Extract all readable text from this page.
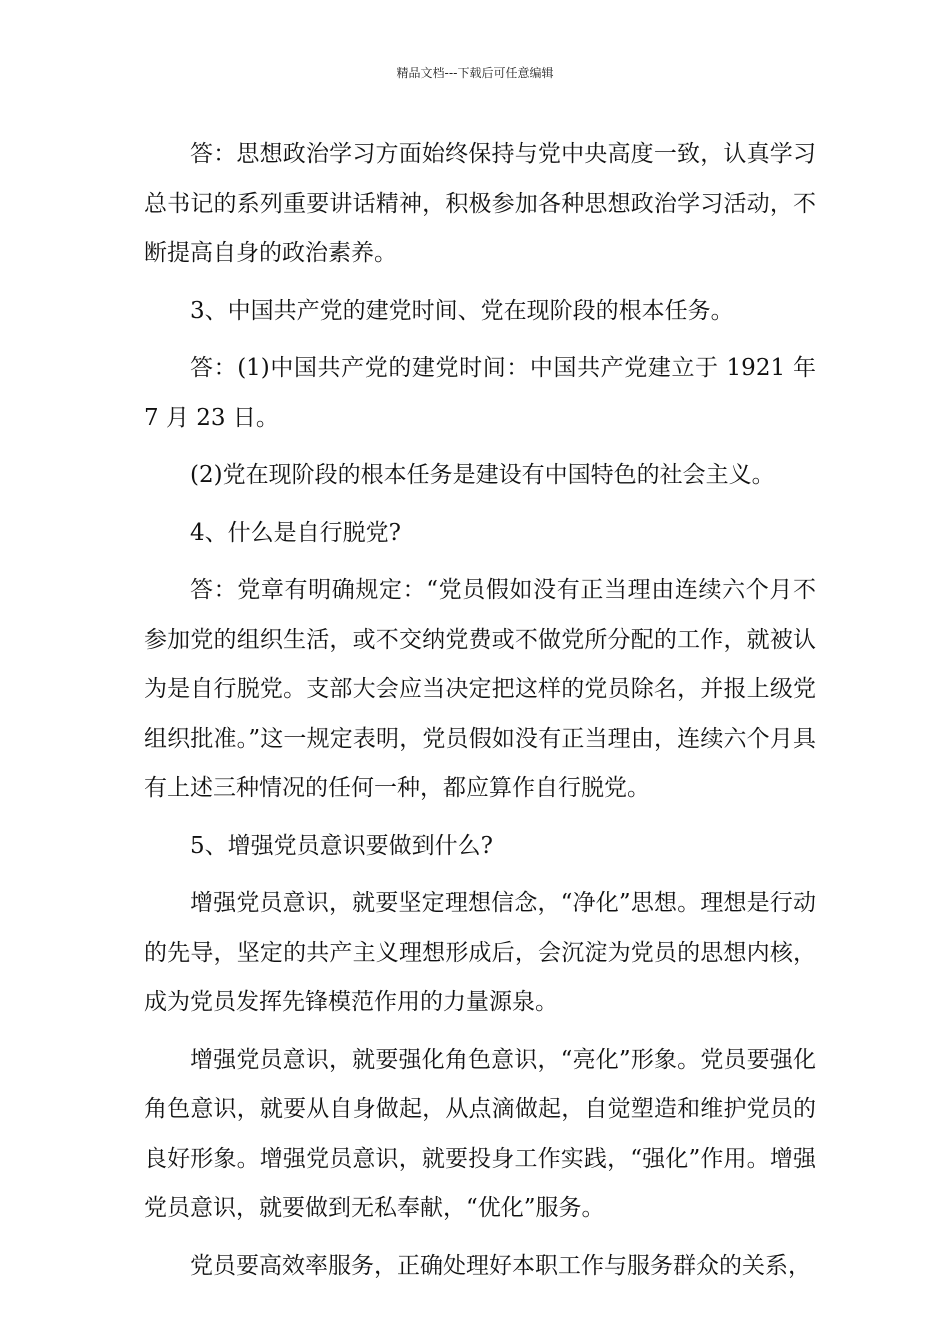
精品文档---下载后可任意编辑

答：思想政治学习方面始终保持与党中央高度一致，认真学习总书记的系列重要讲话精神，积极参加各种思想政治学习活动，不断提高自身的政治素养。

3、中国共产党的建党时间、党在现阶段的根本任务。

答：(1)中国共产党的建党时间：中国共产党建立于 1921 年 7 月 23 日。

(2)党在现阶段的根本任务是建设有中国特色的社会主义。

4、什么是自行脱党?

答：党章有明确规定：“党员假如没有正当理由连续六个月不参加党的组织生活，或不交纳党费或不做党所分配的工作，就被认为是自行脱党。支部大会应当决定把这样的党员除名，并报上级党组织批准。”这一规定表明，党员假如没有正当理由，连续六个月具有上述三种情况的任何一种，都应算作自行脱党。

5、增强党员意识要做到什么?

增强党员意识，就要坚定理想信念，“净化”思想。理想是行动的先导，坚定的共产主义理想形成后，会沉淀为党员的思想内核，成为党员发挥先锋模范作用的力量源泉。

增强党员意识，就要强化角色意识，“亮化”形象。党员要强化角色意识，就要从自身做起，从点滴做起，自觉塑造和维护党员的良好形象。增强党员意识，就要投身工作实践，“强化”作用。增强党员意识，就要做到无私奉献，“优化”服务。

党员要高效率服务，正确处理好本职工作与服务群众的关系，
